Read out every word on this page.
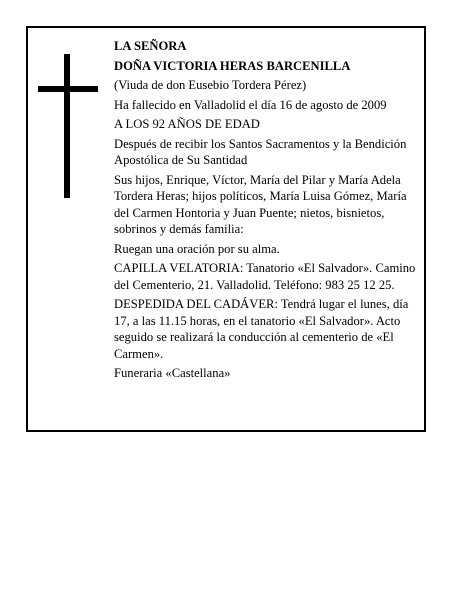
LA SEÑORA

DOÑA VICTORIA HERAS BARCENILLA

(Viuda de don Eusebio Tordera Pérez)

Ha fallecido en Valladolid el día 16 de agosto de 2009

A LOS 92 AÑOS DE EDAD

Después de recibir los Santos Sacramentos y la Bendición Apostólica de Su Santidad

Sus hijos, Enrique, Víctor, María del Pilar y María Adela Tordera Heras; hijos políticos, María Luisa Gómez, María del Carmen Hontoria y Juan Puente; nietos, bisnietos, sobrinos y demás familia:

Ruegan una oración por su alma.

CAPILLA VELATORIA: Tanatorio «El Salvador». Camino del Cementerio, 21. Valladolid. Teléfono: 983 25 12 25.

DESPEDIDA DEL CADÁVER: Tendrá lugar el lunes, día 17, a las 11.15 horas, en el tanatorio «El Salvador». Acto seguido se realizará la conducción al cementerio de «El Carmen».

Funeraria «Castellana»
